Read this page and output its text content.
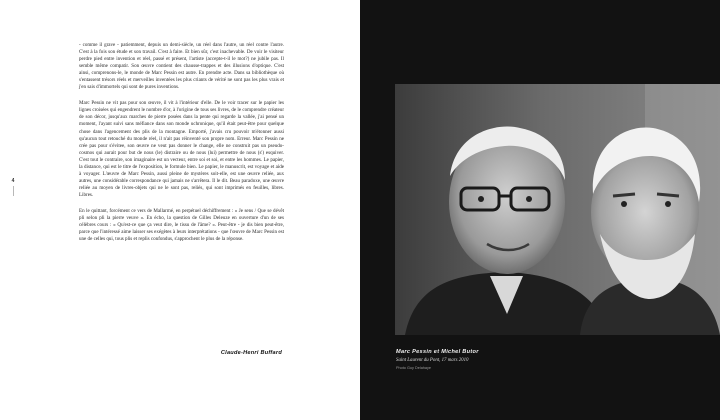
4

- comme il grave - patiemment, depuis un demi-siècle, un réel dans l'autre, un réel contre l'autre. C'est à la fois son étude et son travail. C'est à faire. Et bien sûr, c'est inachevable. De voir le visiteur perdre pied entre invention et réel, passé et présent, l'artiste (accepte-t-il le mot?) ne jubile pas. Il semble même compatir. Son œuvre contient des chausse-trappes et des illusions d'optique. C'est ainsi, comprenons-le, le monde de Marc Pessin est autre. En prendre acte. Dans sa bibliothèque où s'entassent trésors réels et merveilles inventées les plus criants de vérité ne sont pas les plus vrais et j'en sais d'immortels qui sont de pures inventions.

Marc Pessin ne vit pas pour son œuvre, il vit à l'intérieur d'elle. De le voir tracer sur le papier les lignes croisées qui engendrent le nombre d'or, à l'origine de tous ses livres, de le comprendre créateur de son décor, jusqu'aux marches de pierre posées dans la pente qui regarde la vallée, j'ai pensé un moment, l'ayant suivi sans méfiance dans son monde uchronique, qu'il était peut-être pour quelque chose dans l'agencement des plis de la montagne. Emporté, j'avais cru pouvoir m'étonner aussi qu'aucun tout retouché du monde réel, il n'ait pas réinventé son propre nom. Erreur. Marc Pessin ne crée pas pour s'évitee, son œuvre ne veut pas donner le change, elle ne construit pas un pseudo-cosmos qui aurait pour but de nous (le) distraire ou de nous (lui) permettre de nous (s') esquiver. C'est tout le contraire, son imaginaire est un vecteur, entre soi et soi, et entre les hommes. Le papier, la distance, qui est le titre de l'exposition, le formule bien. Le papier, le manuscrit, est voyage et aide à voyager. L'œuvre de Marc Pessin, aussi pleine de mystères soit-elle, est une œuvre reliée, aux autres, une considérable correspondance qui jamais ne s'arrêtera. Il le dit. Beau paradoxe, une œuvre reliée au moyen de livres-objets qui ne le sont pas, reliés, qui sont imprimés en feuilles, libres. Libres.

En le quittant, forcément ce vers de Mallarmé, en perpétuel déchiffrement : « Je sens / Que se dévêt pli selon pli la pierre veuve ». En écho, la question de Gilles Deleuze en ouverture d'un de ses célèbres cours : « Qu'est-ce que ça veut dire, le tissu de l'âme? ». Peut-être - je dis bien peut-être, parce que l'intéressé aime laisser ses exégètes à leurs interprétations - que l'œuvre de Marc Pessin est une de celles qui, tous plis et replis confondus, s'approchent le plus de la réponse.

Claude-Henri Buffard	Marc Pessin et Michel Butor
Saint Laurent du Pont, 17 mars 2010
Photo Guy Delahaye
